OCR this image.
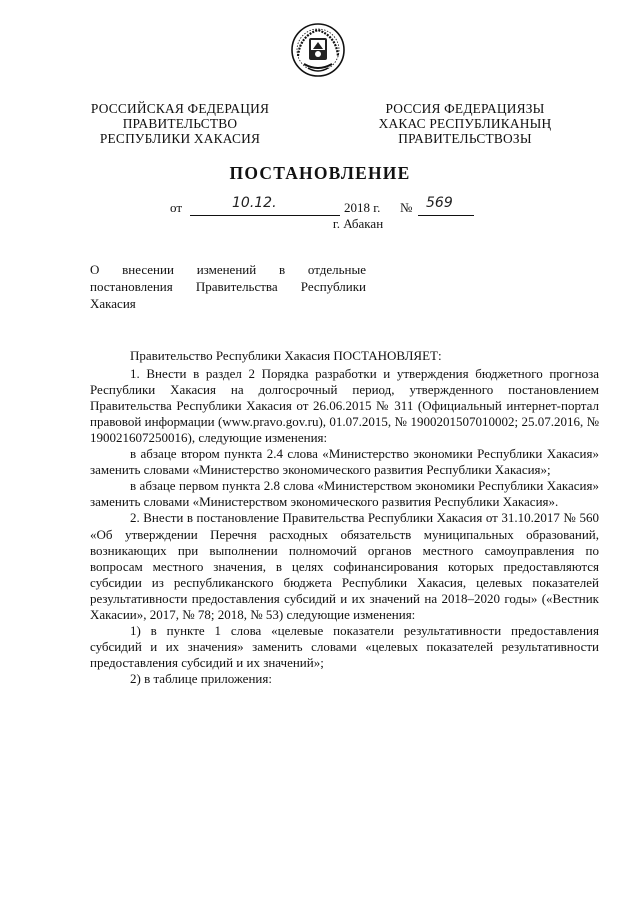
РОССИЙСКАЯ ФЕДЕРАЦИЯ
ПРАВИТЕЛЬСТВО
РЕСПУБЛИКИ ХАКАСИЯ
РОССИЯ ФЕДЕРАЦИЯЗЫ
ХАКАС РЕСПУБЛИКАНЫҢ
ПРАВИТЕЛЬСТВОЗЫ
ПОСТАНОВЛЕНИЕ
от	10.12.	2018 г. № 569
г. Абакан
О внесении изменений в отдельные
постановления Правительства Республики
Хакасия

Правительство Республики Хакасия ПОСТАНОВЛЯЕТ:

1. Внести в раздел 2 Порядка разработки и утверждения бюджетного прогноза Республики Хакасия на долгосрочный период, утвержденного постановлением Правительства Республики Хакасия от 26.06.2015 № 311 (Официальный интернет-портал правовой информации (www.pravo.gov.ru), 01.07.2015, № 1900201507010002; 25.07.2016, № 190021607250016), следующие изменения:

в абзаце втором пункта 2.4 слова «Министерство экономики Республики Хакасия» заменить словами «Министерство экономического развития Республики Хакасия»;

в абзаце первом пункта 2.8 слова «Министерством экономики Республики Хакасия» заменить словами «Министерством экономического развития Республики Хакасия».

2. Внести в постановление Правительства Республики Хакасия от 31.10.2017 № 560 «Об утверждении Перечня расходных обязательств муниципальных образований, возникающих при выполнении полномочий органов местного самоуправления по вопросам местного значения, в целях софинансирования которых предоставляются субсидии из республиканского бюджета Республики Хакасия, целевых показателей результативности предоставления субсидий и их значений на 2018–2020 годы» («Вестник Хакасии», 2017, № 78; 2018, № 53) следующие изменения:

1) в пункте 1 слова «целевые показатели результативности предоставления субсидий и их значения» заменить словами «целевых показателей результативности предоставления субсидий и их значений»;

2) в таблице приложения:
